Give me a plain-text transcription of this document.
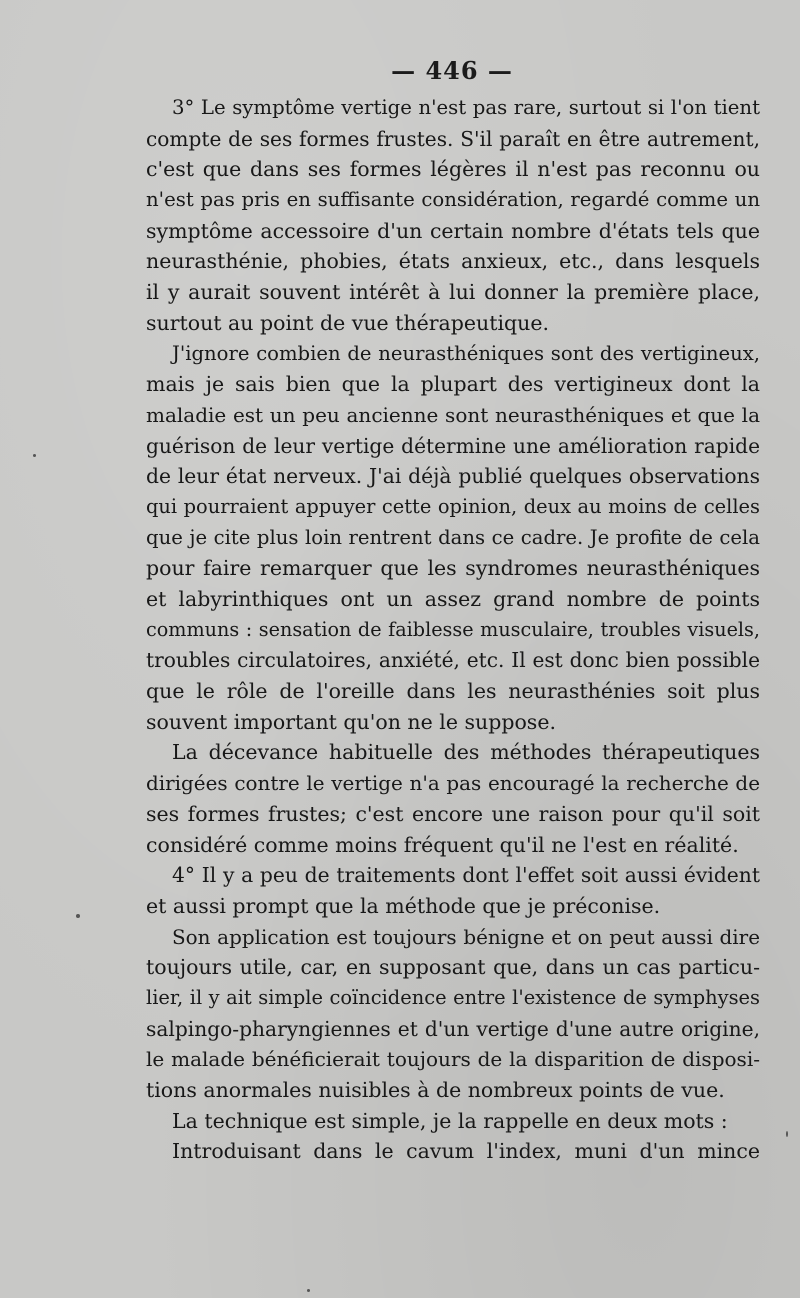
— 446 —
3° Le symptôme vertige n'est pas rare, surtout si l'on tient
compte de ses formes frustes. S'il paraît en être autrement,
c'est que dans ses formes légères il n'est pas reconnu ou
n'est pas pris en suffisante considération, regardé comme un
symptôme accessoire d'un certain nombre d'états tels que
neurasthénie, phobies, états anxieux, etc., dans lesquels
il y aurait souvent intérêt à lui donner la première place,
surtout au point de vue thérapeutique.
J'ignore combien de neurasthéniques sont des vertigineux,
mais je sais bien que la plupart des vertigineux dont la
maladie est un peu ancienne sont neurasthéniques et que la
guérison de leur vertige détermine une amélioration rapide
de leur état nerveux. J'ai déjà publié quelques observations
qui pourraient appuyer cette opinion, deux au moins de celles
que je cite plus loin rentrent dans ce cadre. Je profite de cela
pour faire remarquer que les syndromes neurasthéniques
et labyrinthiques ont un assez grand nombre de points
communs : sensation de faiblesse musculaire, troubles visuels,
troubles circulatoires, anxiété, etc. Il est donc bien possible
que le rôle de l'oreille dans les neurasthénies soit plus
souvent important qu'on ne le suppose.
La décevance habituelle des méthodes thérapeutiques
dirigées contre le vertige n'a pas encouragé la recherche de
ses formes frustes; c'est encore une raison pour qu'il soit
considéré comme moins fréquent qu'il ne l'est en réalité.
4° Il y a peu de traitements dont l'effet soit aussi évident
et aussi prompt que la méthode que je préconise.
Son application est toujours bénigne et on peut aussi dire
toujours utile, car, en supposant que, dans un cas particu-
lier, il y ait simple coïncidence entre l'existence de symphyses
salpingo-pharyngiennes et d'un vertige d'une autre origine,
le malade bénéficierait toujours de la disparition de disposi-
tions anormales nuisibles à de nombreux points de vue.
La technique est simple, je la rappelle en deux mots :
Introduisant dans le cavum l'index, muni d'un mince
